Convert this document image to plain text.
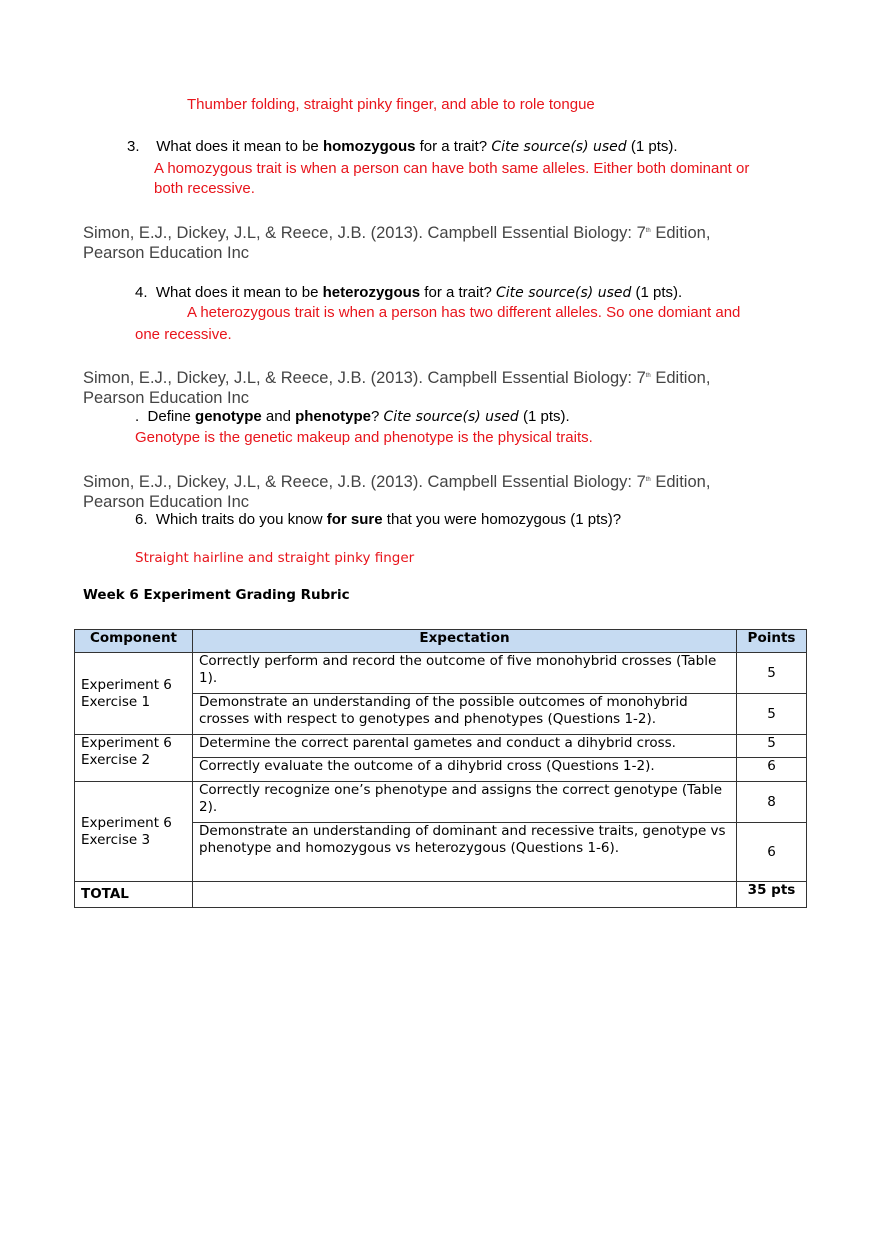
Thumber folding, straight pinky finger, and able to role tongue
3. What does it mean to be homozygous for a trait? Cite source(s) used (1 pts).
A homozygous trait is when a person can have both same alleles. Either both dominant or
both recessive.
Simon, E.J., Dickey, J.L, & Reece, J.B. (2013). Campbell Essential Biology: 7th Edition,
Pearson Education Inc
4. What does it mean to be heterozygous for a trait? Cite source(s) used (1 pts).
A heterozygous trait is when a person has two different alleles. So one domiant and
one recessive.
Simon, E.J., Dickey, J.L, & Reece, J.B. (2013). Campbell Essential Biology: 7th Edition,
Pearson Education Inc
. Define genotype and phenotype? Cite source(s) used (1 pts).
Genotype is the genetic makeup and phenotype is the physical traits.
Simon, E.J., Dickey, J.L, & Reece, J.B. (2013). Campbell Essential Biology: 7th Edition,
Pearson Education Inc
6. Which traits do you know for sure that you were homozygous (1 pts)?
Straight hairline and straight pinky finger
Week 6 Experiment Grading Rubric
Component	Expectation	Points
Experiment 6 Exercise 1	Correctly perform and record the outcome of five monohybrid crosses (Table 1).	5
	Demonstrate an understanding of the possible outcomes of monohybrid crosses with respect to genotypes and phenotypes (Questions 1-2).	5
Experiment 6 Exercise 2	Determine the correct parental gametes and conduct a dihybrid cross.	5
	Correctly evaluate the outcome of a dihybrid cross (Questions 1-2).	6
Experiment 6 Exercise 3	Correctly recognize one’s phenotype and assigns the correct genotype (Table 2).	8
	Demonstrate an understanding of dominant and recessive traits, genotype vs phenotype and homozygous vs heterozygous (Questions 1-6).	6
TOTAL		35 pts
